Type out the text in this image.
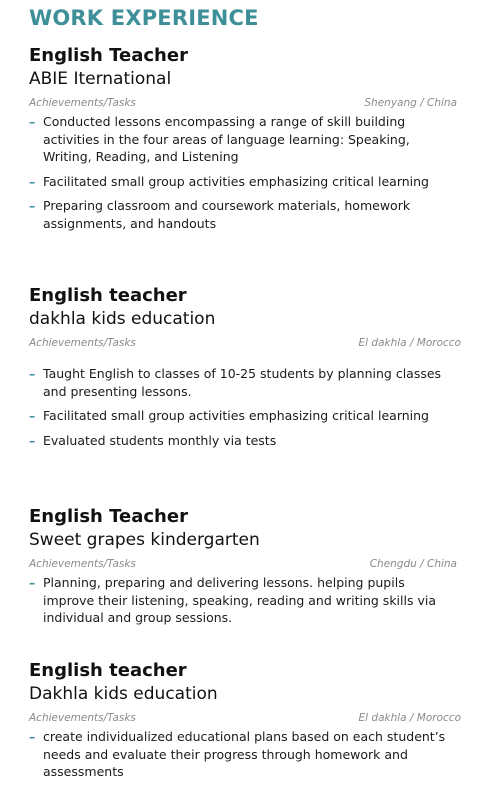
WORK EXPERIENCE
English Teacher
ABIE Iternational
Achievements/Tasks	Shenyang / China
– Conducted lessons encompassing a range of skill building activities in the four areas of language learning: Speaking, Writing, Reading, and Listening
– Facilitated small group activities emphasizing critical learning
– Preparing classroom and coursework materials, homework assignments, and handouts
English teacher
dakhla kids education
Achievements/Tasks	El dakhla / Morocco
– Taught English to classes of 10-25 students by planning classes and presenting lessons.
– Facilitated small group activities emphasizing critical learning
– Evaluated students monthly via tests
English Teacher
Sweet grapes kindergarten
Achievements/Tasks	Chengdu / China
– Planning, preparing and delivering lessons. helping pupils improve their listening, speaking, reading and writing skills via individual and group sessions.
English teacher
Dakhla kids education
Achievements/Tasks	El dakhla / Morocco
– create individualized educational plans based on each student’s needs and evaluate their progress through homework and assessments
